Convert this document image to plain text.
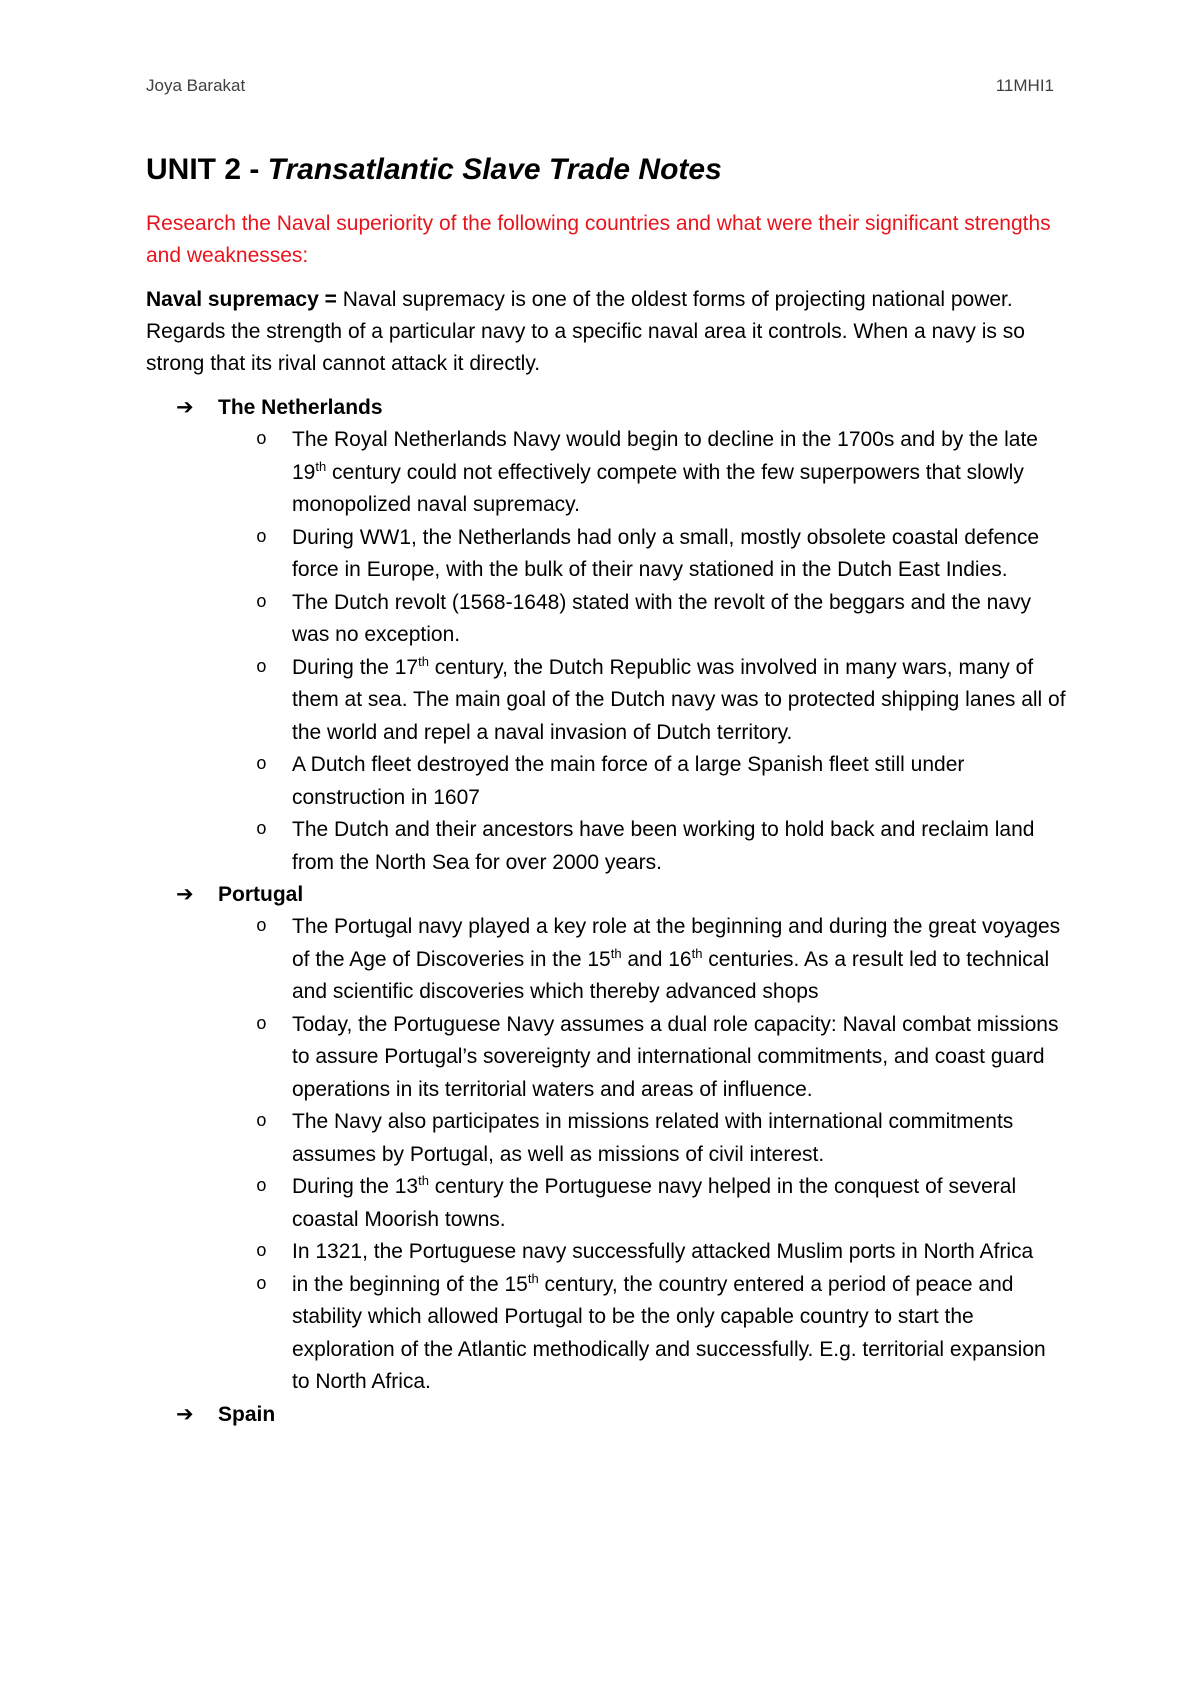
Joya Barakat	11MHI1
UNIT 2 - Transatlantic Slave Trade Notes
Research the Naval superiority of the following countries and what were their significant strengths and weaknesses:
Naval supremacy = Naval supremacy is one of the oldest forms of projecting national power. Regards the strength of a particular navy to a specific naval area it controls. When a navy is so strong that its rival cannot attack it directly.
➔ The Netherlands
o The Royal Netherlands Navy would begin to decline in the 1700s and by the late 19th century could not effectively compete with the few superpowers that slowly monopolized naval supremacy.
o During WW1, the Netherlands had only a small, mostly obsolete coastal defence force in Europe, with the bulk of their navy stationed in the Dutch East Indies.
o The Dutch revolt (1568-1648) stated with the revolt of the beggars and the navy was no exception.
o During the 17th century, the Dutch Republic was involved in many wars, many of them at sea. The main goal of the Dutch navy was to protected shipping lanes all of the world and repel a naval invasion of Dutch territory.
o A Dutch fleet destroyed the main force of a large Spanish fleet still under construction in 1607
o The Dutch and their ancestors have been working to hold back and reclaim land from the North Sea for over 2000 years.
➔ Portugal
o The Portugal navy played a key role at the beginning and during the great voyages of the Age of Discoveries in the 15th and 16th centuries. As a result led to technical and scientific discoveries which thereby advanced shops
o Today, the Portuguese Navy assumes a dual role capacity: Naval combat missions to assure Portugal’s sovereignty and international commitments, and coast guard operations in its territorial waters and areas of influence.
o The Navy also participates in missions related with international commitments assumes by Portugal, as well as missions of civil interest.
o During the 13th century the Portuguese navy helped in the conquest of several coastal Moorish towns.
o In 1321, the Portuguese navy successfully attacked Muslim ports in North Africa
o in the beginning of the 15th century, the country entered a period of peace and stability which allowed Portugal to be the only capable country to start the exploration of the Atlantic methodically and successfully. E.g. territorial expansion to North Africa.
➔ Spain
